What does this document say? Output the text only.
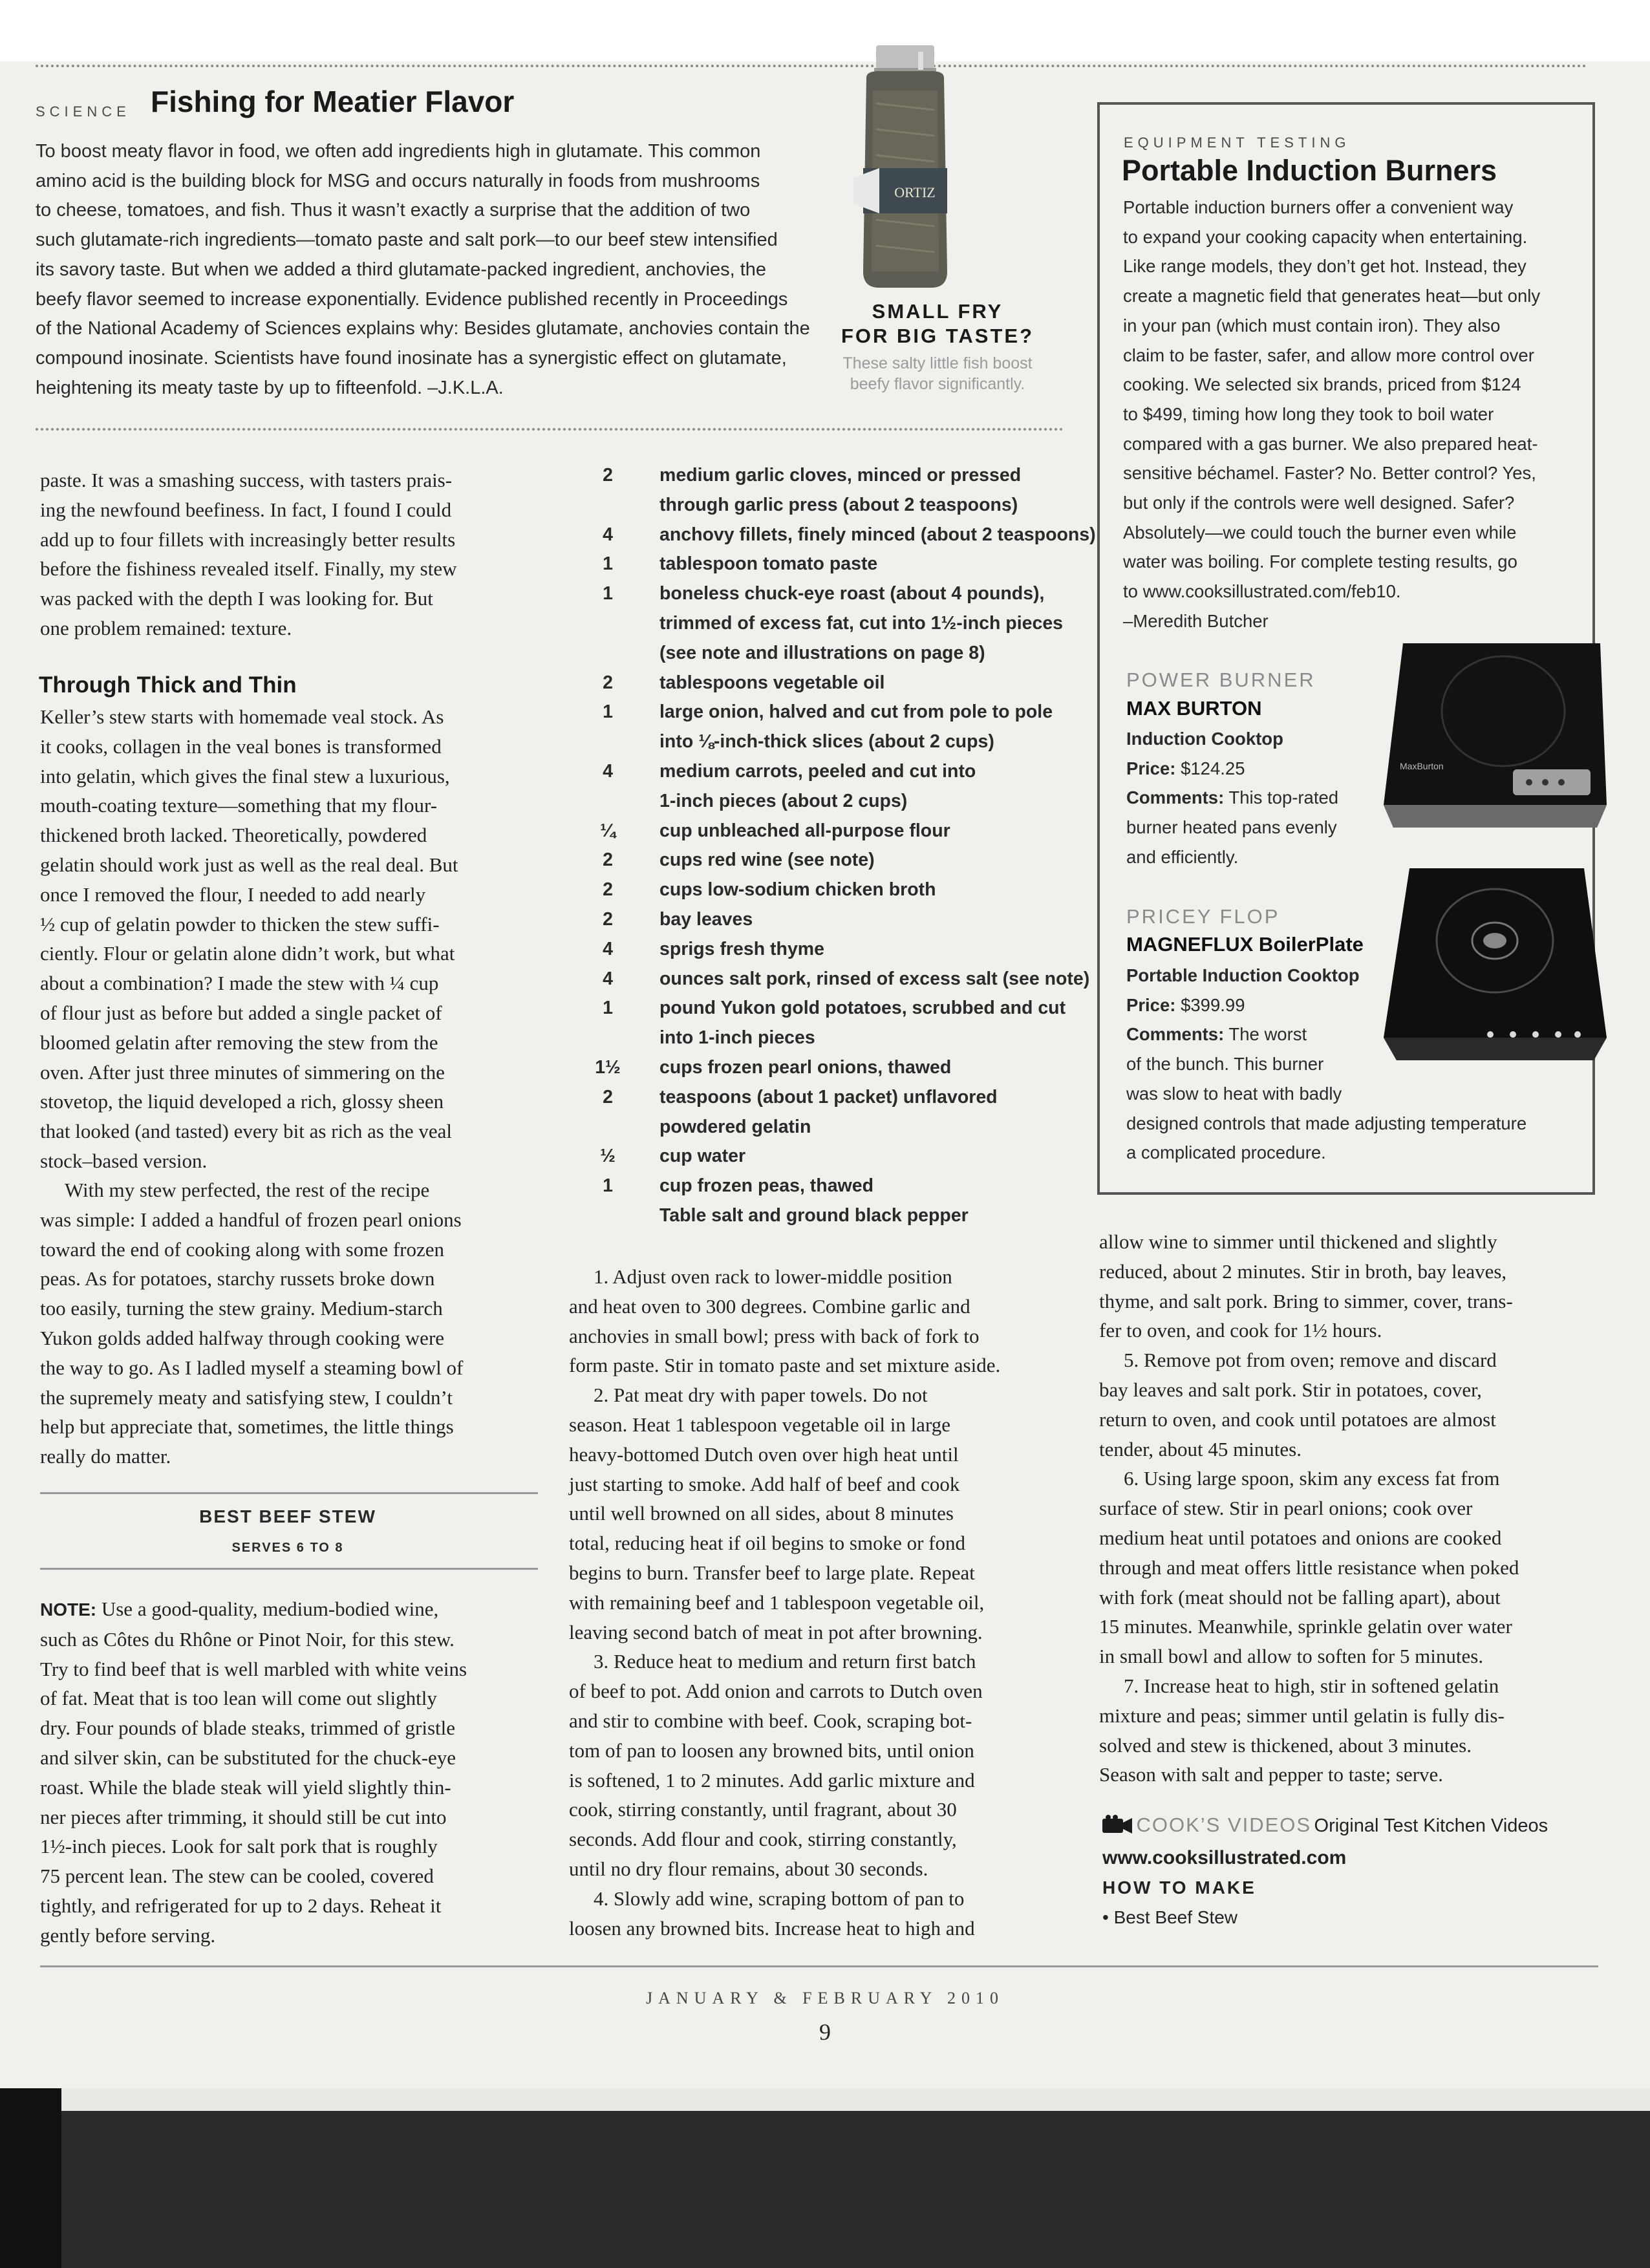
SCIENCE Fishing for Meatier Flavor
To boost meaty flavor in food, we often add ingredients high in glutamate. This common
amino acid is the building block for MSG and occurs naturally in foods from mushrooms
to cheese, tomatoes, and fish. Thus it wasn’t exactly a surprise that the addition of two
such glutamate-rich ingredients—tomato paste and salt pork—to our beef stew intensified
its savory taste. But when we added a third glutamate-packed ingredient, anchovies, the
beefy flavor seemed to increase exponentially. Evidence published recently in Proceedings
of the National Academy of Sciences explains why: Besides glutamate, anchovies contain the
compound inosinate. Scientists have found inosinate has a synergistic effect on glutamate,
heightening its meaty taste by up to fifteenfold. –J.K.L.A.
ORTIZ
SMALL FRY
FOR BIG TASTE?
These salty little fish boost
beefy flavor significantly.
EQUIPMENT TESTING
Portable Induction Burners
Portable induction burners offer a convenient way
to expand your cooking capacity when entertaining.
Like range models, they don’t get hot. Instead, they
create a magnetic field that generates heat—but only
in your pan (which must contain iron). They also
claim to be faster, safer, and allow more control over
cooking. We selected six brands, priced from $124
to $499, timing how long they took to boil water
compared with a gas burner. We also prepared heat-
sensitive béchamel. Faster? No. Better control? Yes,
but only if the controls were well designed. Safer?
Absolutely—we could touch the burner even while
water was boiling. For complete testing results, go
to www.cooksillustrated.com/feb10.
–Meredith Butcher
POWER BURNER
MAX BURTON
Induction Cooktop
Price: $124.25
Comments: This top-rated
burner heated pans evenly
and efficiently.
MaxBurton
PRICEY FLOP
MAGNEFLUX BoilerPlate
Portable Induction Cooktop
Price: $399.99
Comments: The worst
of the bunch. This burner
was slow to heat with badly
designed controls that made adjusting temperature
a complicated procedure.
paste. It was a smashing success, with tasters prais-
ing the newfound beefiness. In fact, I found I could
add up to four fillets with increasingly better results
before the fishiness revealed itself. Finally, my stew
was packed with the depth I was looking for. But
one problem remained: texture.
Through Thick and Thin
Keller’s stew starts with homemade veal stock. As
it cooks, collagen in the veal bones is transformed
into gelatin, which gives the final stew a luxurious,
mouth-coating texture—something that my flour-
thickened broth lacked. Theoretically, powdered
gelatin should work just as well as the real deal. But
once I removed the flour, I needed to add nearly
½ cup of gelatin powder to thicken the stew suffi-
ciently. Flour or gelatin alone didn’t work, but what
about a combination? I made the stew with ¼ cup
of flour just as before but added a single packet of
bloomed gelatin after removing the stew from the
oven. After just three minutes of simmering on the
stovetop, the liquid developed a rich, glossy sheen
that looked (and tasted) every bit as rich as the veal
stock–based version.
With my stew perfected, the rest of the recipe
was simple: I added a handful of frozen pearl onions
toward the end of cooking along with some frozen
peas. As for potatoes, starchy russets broke down
too easily, turning the stew grainy. Medium-starch
Yukon golds added halfway through cooking were
the way to go. As I ladled myself a steaming bowl of
the supremely meaty and satisfying stew, I couldn’t
help but appreciate that, sometimes, the little things
really do matter.
BEST BEEF STEW
SERVES 6 TO 8
NOTE: Use a good-quality, medium-bodied wine,
such as Côtes du Rhône or Pinot Noir, for this stew.
Try to find beef that is well marbled with white veins
of fat. Meat that is too lean will come out slightly
dry. Four pounds of blade steaks, trimmed of gristle
and silver skin, can be substituted for the chuck-eye
roast. While the blade steak will yield slightly thin-
ner pieces after trimming, it should still be cut into
1½-inch pieces. Look for salt pork that is roughly
75 percent lean. The stew can be cooled, covered
tightly, and refrigerated for up to 2 days. Reheat it
gently before serving.
2	medium garlic cloves, minced or pressed
through garlic press (about 2 teaspoons)
4	anchovy fillets, finely minced (about 2 teaspoons)
1	tablespoon tomato paste
1	boneless chuck-eye roast (about 4 pounds),
trimmed of excess fat, cut into 1½-inch pieces
(see note and illustrations on page 8)
2	tablespoons vegetable oil
1	large onion, halved and cut from pole to pole
into ⅛-inch-thick slices (about 2 cups)
4	medium carrots, peeled and cut into
1-inch pieces (about 2 cups)
¼	cup unbleached all-purpose flour
2	cups red wine (see note)
2	cups low-sodium chicken broth
2	bay leaves
4	sprigs fresh thyme
4	ounces salt pork, rinsed of excess salt (see note)
1	pound Yukon gold potatoes, scrubbed and cut
into 1-inch pieces
1½	cups frozen pearl onions, thawed
2	teaspoons (about 1 packet) unflavored
powdered gelatin
½	cup water
1	cup frozen peas, thawed
Table salt and ground black pepper
1. Adjust oven rack to lower-middle position
and heat oven to 300 degrees. Combine garlic and
anchovies in small bowl; press with back of fork to
form paste. Stir in tomato paste and set mixture aside.
2. Pat meat dry with paper towels. Do not
season. Heat 1 tablespoon vegetable oil in large
heavy-bottomed Dutch oven over high heat until
just starting to smoke. Add half of beef and cook
until well browned on all sides, about 8 minutes
total, reducing heat if oil begins to smoke or fond
begins to burn. Transfer beef to large plate. Repeat
with remaining beef and 1 tablespoon vegetable oil,
leaving second batch of meat in pot after browning.
3. Reduce heat to medium and return first batch
of beef to pot. Add onion and carrots to Dutch oven
and stir to combine with beef. Cook, scraping bot-
tom of pan to loosen any browned bits, until onion
is softened, 1 to 2 minutes. Add garlic mixture and
cook, stirring constantly, until fragrant, about 30
seconds. Add flour and cook, stirring constantly,
until no dry flour remains, about 30 seconds.
4. Slowly add wine, scraping bottom of pan to
loosen any browned bits. Increase heat to high and
allow wine to simmer until thickened and slightly
reduced, about 2 minutes. Stir in broth, bay leaves,
thyme, and salt pork. Bring to simmer, cover, trans-
fer to oven, and cook for 1½ hours.
5. Remove pot from oven; remove and discard
bay leaves and salt pork. Stir in potatoes, cover,
return to oven, and cook until potatoes are almost
tender, about 45 minutes.
6. Using large spoon, skim any excess fat from
surface of stew. Stir in pearl onions; cook over
medium heat until potatoes and onions are cooked
through and meat offers little resistance when poked
with fork (meat should not be falling apart), about
15 minutes. Meanwhile, sprinkle gelatin over water
in small bowl and allow to soften for 5 minutes.
7. Increase heat to high, stir in softened gelatin
mixture and peas; simmer until gelatin is fully dis-
solved and stew is thickened, about 3 minutes.
Season with salt and pepper to taste; serve.
COOK’S VIDEOS Original Test Kitchen Videos
www.cooksillustrated.com
HOW TO MAKE
• Best Beef Stew
JANUARY & FEBRUARY 2010
9
